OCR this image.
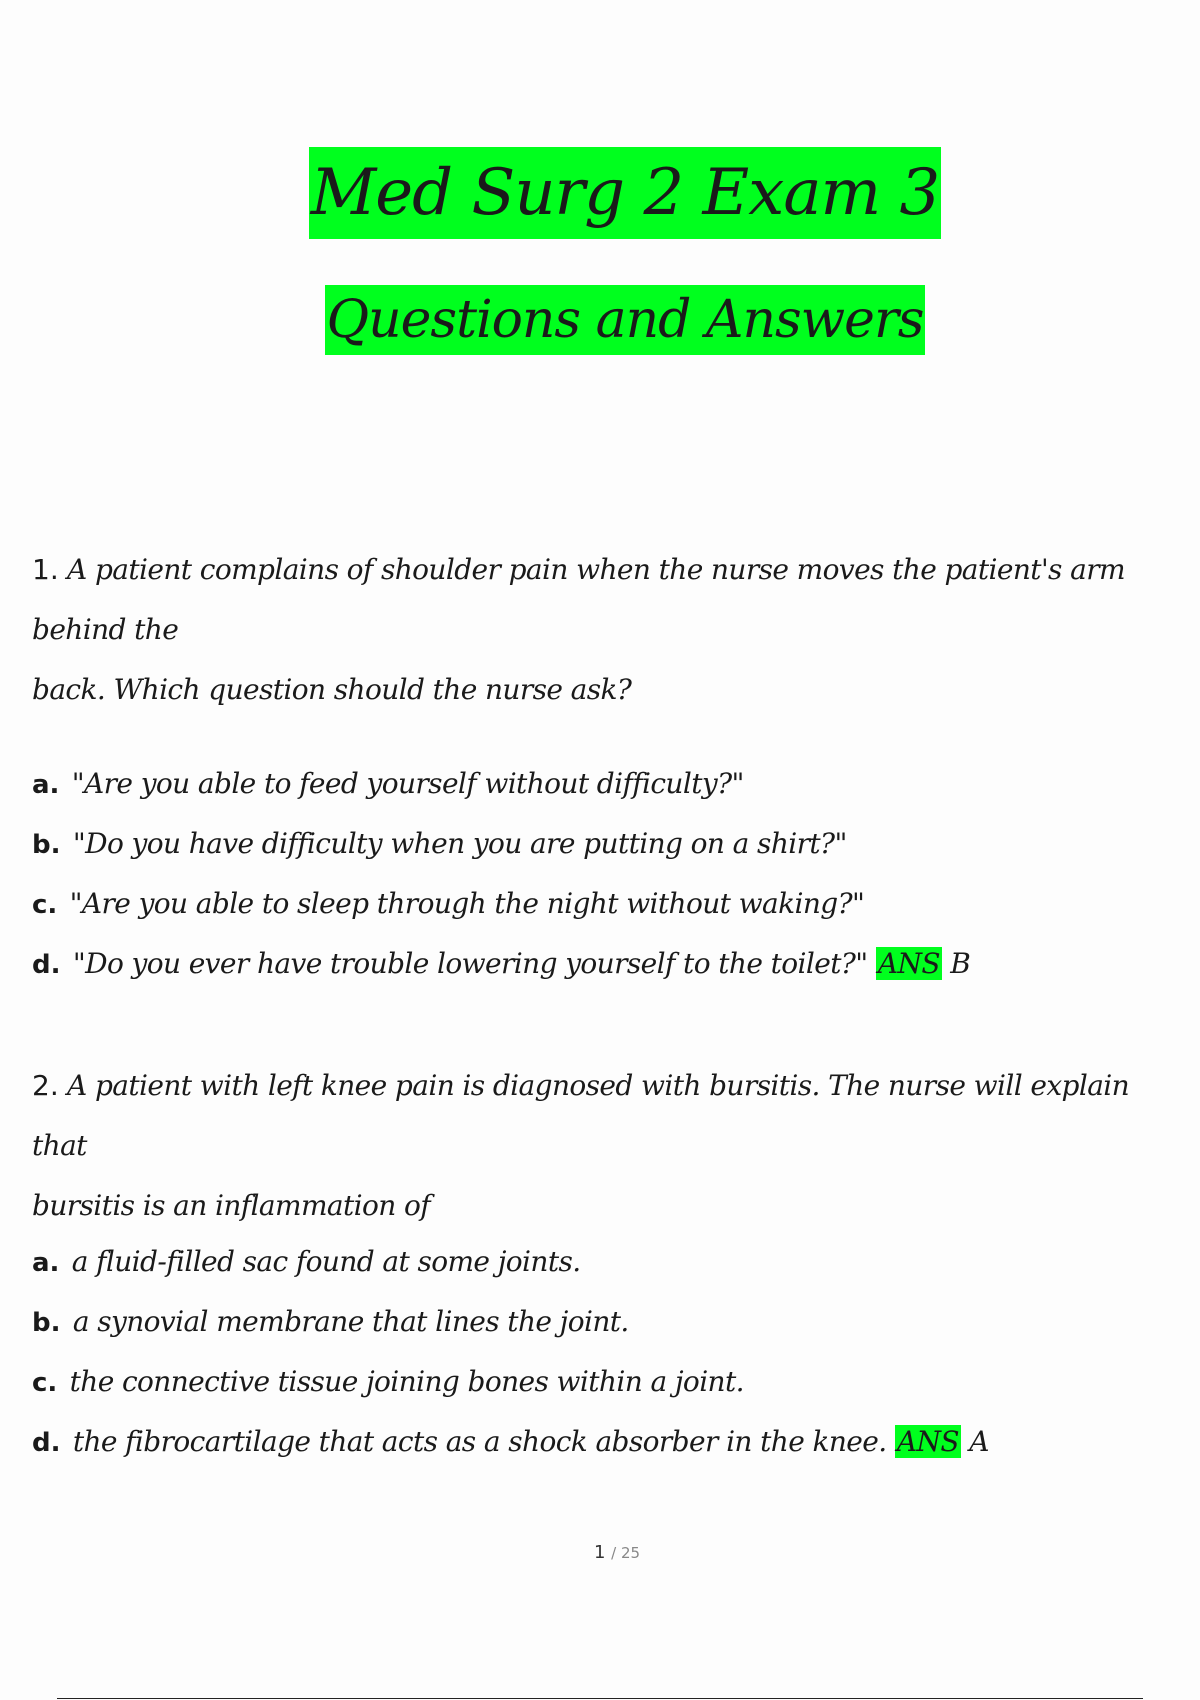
Med Surg 2 Exam 3
Questions and Answers
1. A patient complains of shoulder pain when the nurse moves the patient's arm
behind the
back. Which question should the nurse ask?
a. "Are you able to feed yourself without difficulty?"
b. "Do you have difficulty when you are putting on a shirt?"
c. "Are you able to sleep through the night without waking?"
d. "Do you ever have trouble lowering yourself to the toilet?" ANS B
2. A patient with left knee pain is diagnosed with bursitis. The nurse will explain that
bursitis is an inflammation of
a. a fluid-filled sac found at some joints.
b. a synovial membrane that lines the joint.
c. the connective tissue joining bones within a joint.
d. the fibrocartilage that acts as a shock absorber in the knee. ANS A
1 / 25
